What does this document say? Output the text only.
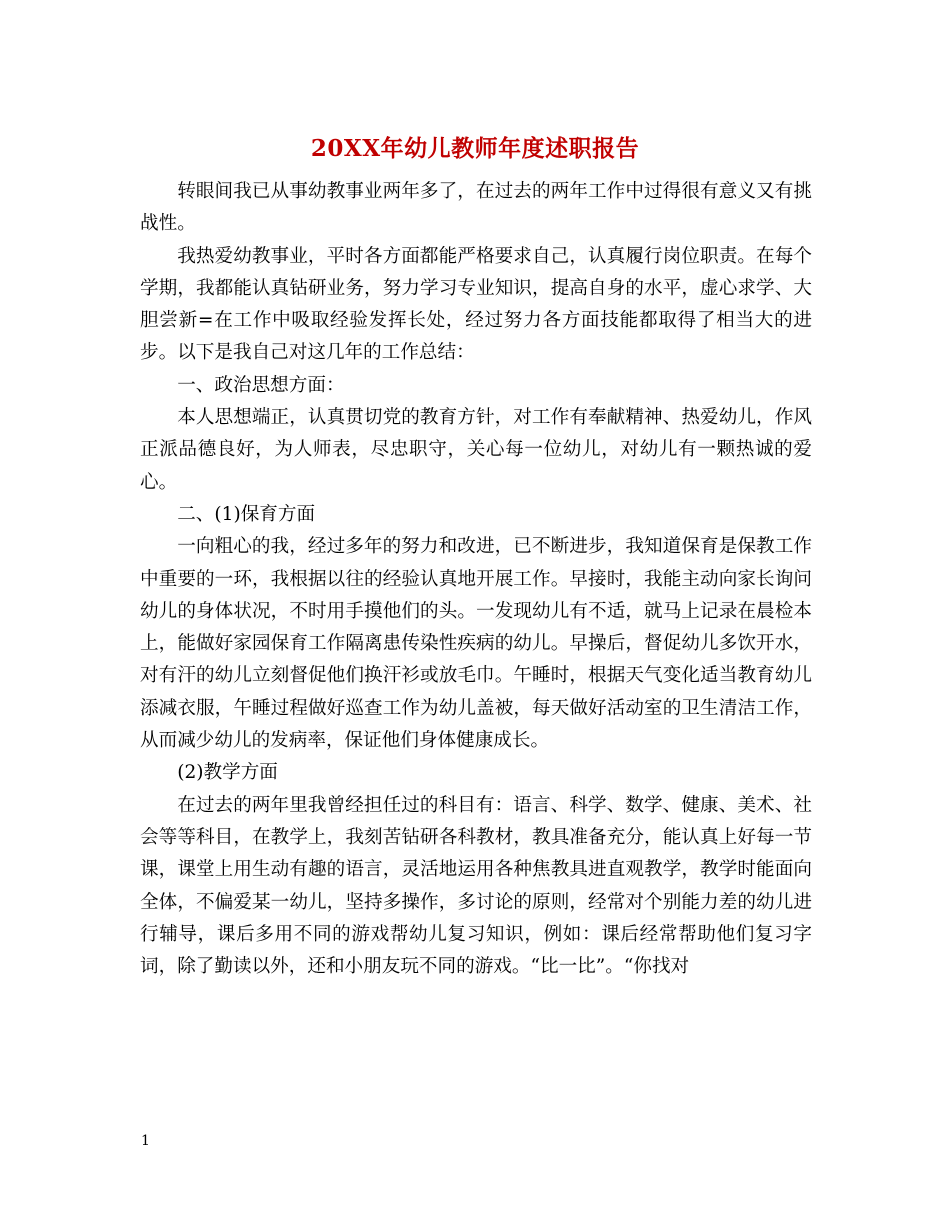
20XX年幼儿教师年度述职报告

转眼间我已从事幼教事业两年多了，在过去的两年工作中过得很有意义又有挑战性。

我热爱幼教事业，平时各方面都能严格要求自己，认真履行岗位职责。在每个学期，我都能认真钻研业务，努力学习专业知识，提高自身的水平，虚心求学、大胆尝新=在工作中吸取经验发挥长处，经过努力各方面技能都取得了相当大的进步。以下是我自己对这几年的工作总结：

一、政治思想方面：

本人思想端正，认真贯切党的教育方针，对工作有奉献精神、热爱幼儿，作风正派品德良好，为人师表，尽忠职守，关心每一位幼儿，对幼儿有一颗热诚的爱心。

二、(1)保育方面

一向粗心的我，经过多年的努力和改进，已不断进步，我知道保育是保教工作中重要的一环，我根据以往的经验认真地开展工作。早接时，我能主动向家长询问幼儿的身体状况，不时用手摸他们的头。一发现幼儿有不适，就马上记录在晨检本上，能做好家园保育工作隔离患传染性疾病的幼儿。早操后，督促幼儿多饮开水，对有汗的幼儿立刻督促他们换汗衫或放毛巾。午睡时，根据天气变化适当教育幼儿添减衣服，午睡过程做好巡查工作为幼儿盖被，每天做好活动室的卫生清洁工作，从而减少幼儿的发病率，保证他们身体健康成长。

(2)教学方面

在过去的两年里我曾经担任过的科目有：语言、科学、数学、健康、美术、社会等等科目，在教学上，我刻苦钻研各科教材，教具准备充分，能认真上好每一节课，课堂上用生动有趣的语言，灵活地运用各种焦教具进直观教学，教学时能面向全体，不偏爱某一幼儿，坚持多操作，多讨论的原则，经常对个别能力差的幼儿进行辅导，课后多用不同的游戏帮幼儿复习知识，例如：课后经常帮助他们复习字词，除了勤读以外，还和小朋友玩不同的游戏。“比一比”。“你找对

1
